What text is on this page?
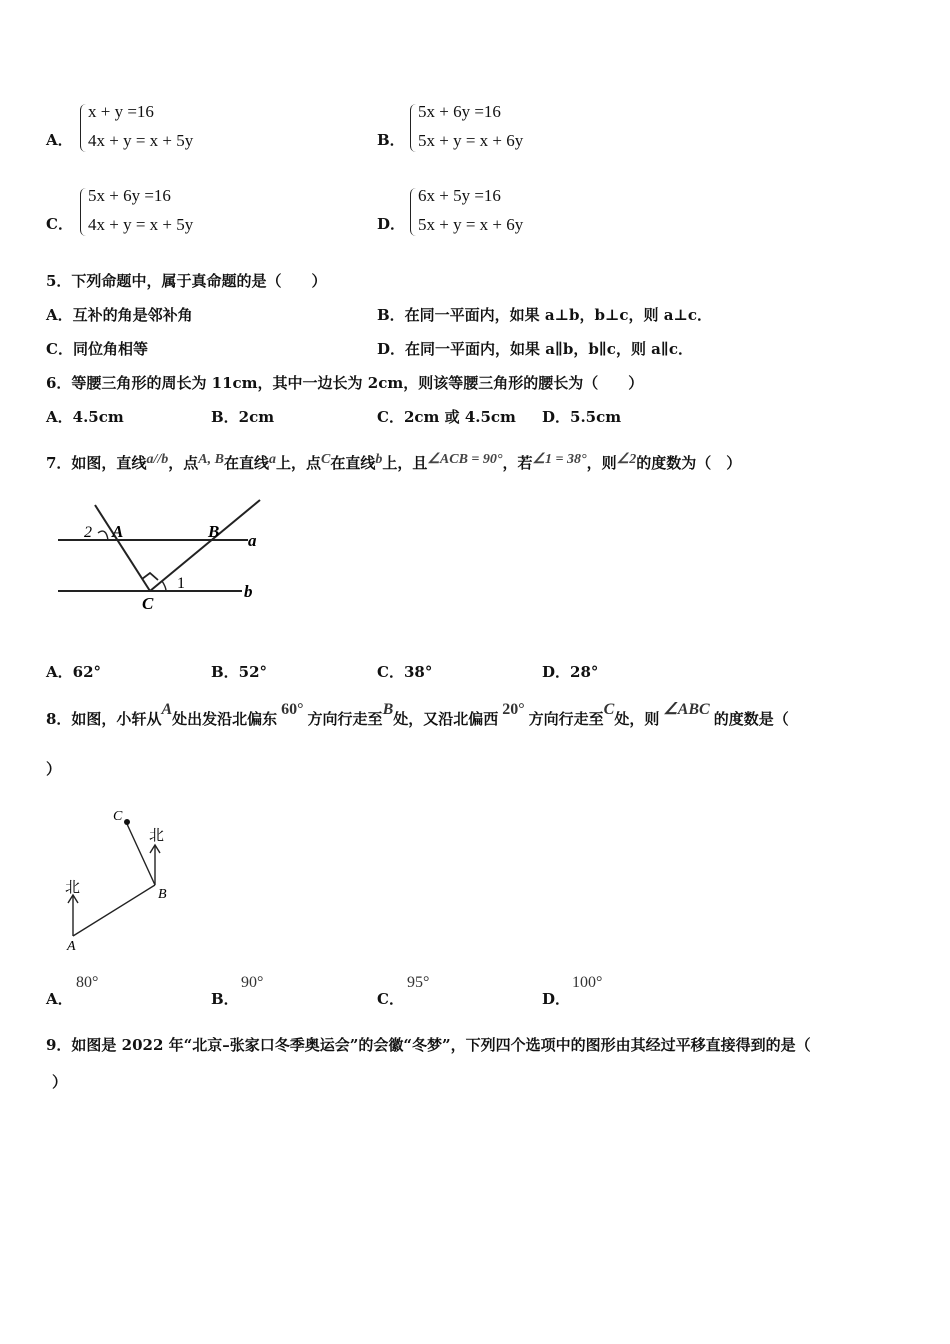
A．
x + y =16
4x + y = x + 5y	B．
5x + 6y =16
5x + y = x + 6y
C．
5x + 6y =16
4x + y = x + 5y	D．
6x + 5y =16
5x + y = x + 6y
5．下列命题中，属于真命题的是（　　）
A．互补的角是邻补角	B．在同一平面内，如果 a⊥b，b⊥c，则 a⊥c．
C．同位角相等	D．在同一平面内，如果 a∥b，b∥c，则 a∥c．
6．等腰三角形的周长为 11cm，其中一边长为 2cm，则该等腰三角形的腰长为（　　）
A．4.5cm	B．2cm	C．2cm 或 4.5cm D．5.5cm
7．如图，直线a//b，点A, B在直线a上，点C在直线b上，且∠ACB = 90°，若∠1 = 38°，则∠2的度数为（　）
2 A	B a
1
C
b
A．62°	B．52°	C．38°	D．28°
8．如图，小轩从A处出发沿北偏东60°方向行走至B处，又沿北偏西20°方向行走至C处，则∠ABC的度数是（
）
北
北
A
B
C
A．
80°
B．
90°
C．
95°
D．
100°
9．如图是 2022 年“北京–张家口冬季奥运会”的会徽“冬梦”，下列四个选项中的图形由其经过平移直接得到的是（
）
